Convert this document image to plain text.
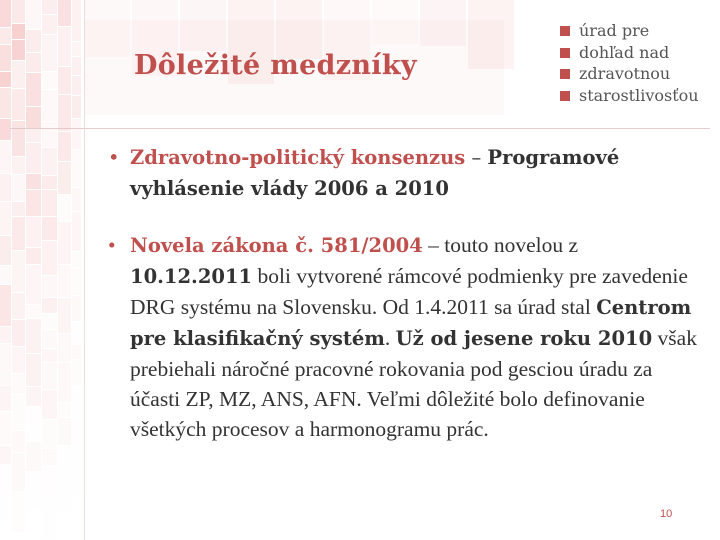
Dôležité medzníky
úrad pre
dohľad nad
zdravotnou
starostlivosťou
• Zdravotno-politický konsenzus – Programové vyhlásenie vlády 2006 a 2010
• Novela zákona č. 581/2004 – touto novelou z 10.12.2011 boli vytvorené rámcové podmienky pre zavedenie DRG systému na Slovensku. Od 1.4.2011 sa úrad stal Centrom pre klasifikačný systém. Už od jesene roku 2010 však prebiehali náročné pracovné rokovania pod gesciou úradu za účasti ZP, MZ, ANS, AFN. Veľmi dôležité bolo definovanie všetkých procesov a harmonogramu prác.
10
